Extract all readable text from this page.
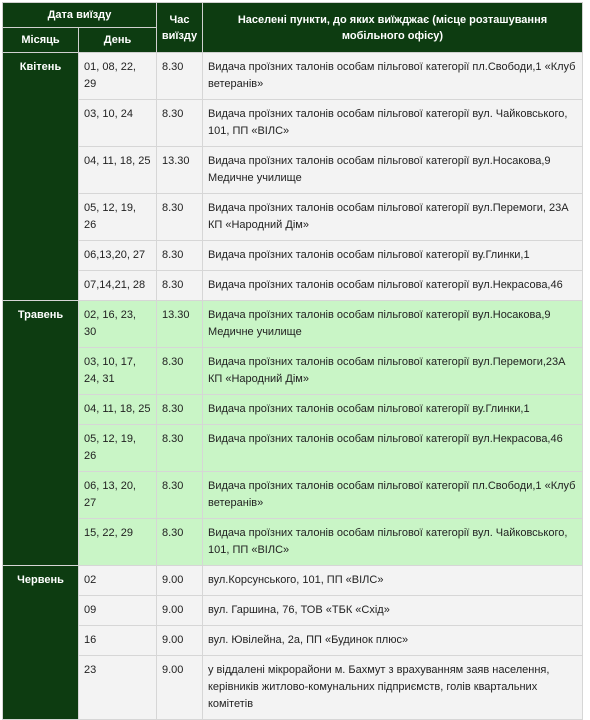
Дата виїзду		Час виїзду	Населені пункти, до яких виїжджає (місце розташування мобільного офісу)
Місяць	День		
Квітень	01, 08, 22, 29	8.30	Видача проїзних талонів особам пільгової категорії пл.Свободи,1 «Клуб ветеранів»
	03, 10, 24	8.30	Видача проїзних талонів особам пільгової категорії вул. Чайковського, 101, ПП «ВІЛС»
	04, 11, 18, 25	13.30	Видача проїзних талонів особам пільгової категорії вул.Носакова,9 Медичне училище
	05, 12, 19, 26	8.30	Видача проїзних талонів особам пільгової категорії вул.Перемоги, 23А КП «Народний Дім»
	06,13,20, 27	8.30	Видача проїзних талонів особам пільгової категорії ву.Глинки,1
	07,14,21, 28	8.30	Видача проїзних талонів особам пільгової категорії вул.Некрасова,46
Травень	02, 16, 23, 30	13.30	Видача проїзних талонів особам пільгової категорії вул.Носакова,9 Медичне училище
	03, 10, 17, 24, 31	8.30	Видача проїзних талонів особам пільгової категорії вул.Перемоги,23А КП «Народний Дім»
	04, 11, 18, 25	8.30	Видача проїзних талонів особам пільгової категорії ву.Глинки,1
	05, 12, 19, 26	8.30	Видача проїзних талонів особам пільгової категорії вул.Некрасова,46
	06, 13, 20, 27	8.30	Видача проїзних талонів особам пільгової категорії пл.Свободи,1 «Клуб ветеранів»
	15, 22, 29	8.30	Видача проїзних талонів особам пільгової категорії вул. Чайковського, 101, ПП «ВІЛС»
Червень	02	9.00	вул.Корсунського, 101, ПП «ВІЛС»
	09	9.00	вул. Гаршина, 76, ТОВ «ТБК «Схід»
	16	9.00	вул. Ювілейна, 2а, ПП «Будинок плюс»
	23	9.00	у віддалені мікрорайони м. Бахмут з врахуванням заяв населення, керівників житлово-комунальних підприємств, голів квартальних комітетів
